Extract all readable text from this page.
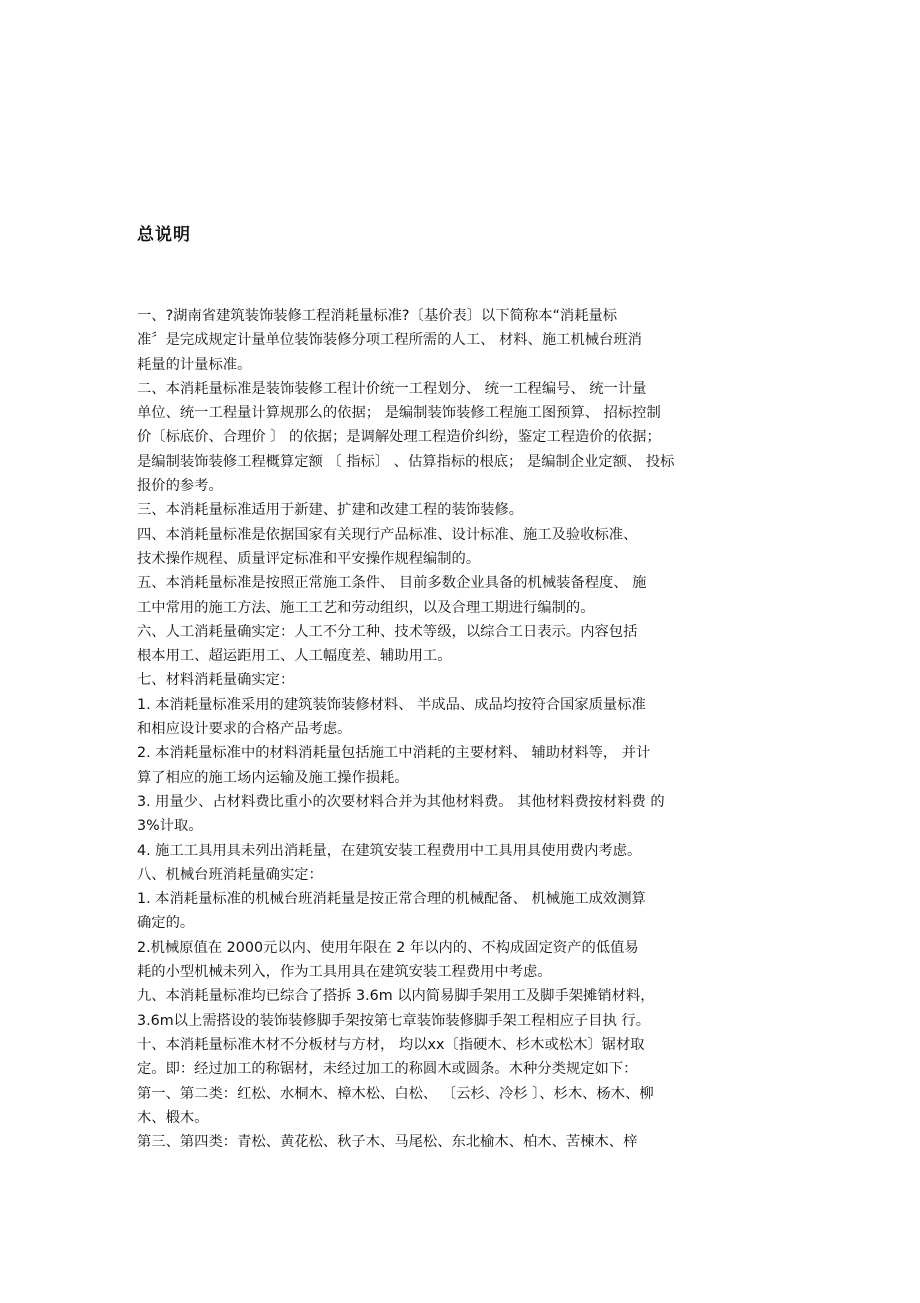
总说明
一、?湖南省建筑装饰装修工程消耗量标准?〔基价表〕以下简称本“消耗量标
准〞是完成规定计量单位装饰装修分项工程所需的人工、 材料、施工机械台班消
耗量的计量标准。
二、本消耗量标准是装饰装修工程计价统一工程划分、 统一工程编号、 统一计量
单位、统一工程量计算规那么的依据； 是编制装饰装修工程施工图预算、 招标控制
价〔标底价、合理价 〕 的依据；是调解处理工程造价纠纷，鉴定工程造价的依据；
是编制装饰装修工程概算定额 〔 指标〕 、估算指标的根底； 是编制企业定额、 投标
报价的参考。
三、本消耗量标准适用于新建、扩建和改建工程的装饰装修。
四、本消耗量标准是依据国家有关现行产品标准、设计标准、施工及验收标准、
技术操作规程、质量评定标准和平安操作规程编制的。
五、本消耗量标准是按照正常施工条件、 目前多数企业具备的机械装备程度、 施
工中常用的施工方法、施工工艺和劳动组织，以及合理工期进行编制的。
六、人工消耗量确实定：人工不分工种、技术等级，以综合工日表示。内容包括
根本用工、超运距用工、人工幅度差、辅助用工。
七、材料消耗量确实定：
1. 本消耗量标准采用的建筑装饰装修材料、 半成品、成品均按符合国家质量标准
和相应设计要求的合格产品考虑。
2. 本消耗量标准中的材料消耗量包括施工中消耗的主要材料、 辅助材料等， 并计
算了相应的施工场内运输及施工操作损耗。
3. 用量少、占材料费比重小的次要材料合并为其他材料费。 其他材料费按材料费 的
3%计取。
4. 施工工具用具未列出消耗量，在建筑安装工程费用中工具用具使用费内考虑。
八、机械台班消耗量确实定：
1. 本消耗量标准的机械台班消耗量是按正常合理的机械配备、 机械施工成效测算
确定的。
2.机械原值在 2000元以内、使用年限在 2 年以内的、不构成固定资产的低值易
耗的小型机械未列入，作为工具用具在建筑安装工程费用中考虑。
九、本消耗量标准均已综合了搭拆 3.6m 以内简易脚手架用工及脚手架摊销材料，
3.6m以上需搭设的装饰装修脚手架按第七章装饰装修脚手架工程相应子目执 行。
十、本消耗量标准木材不分板材与方材， 均以xx〔指硬木、杉木或松木〕锯材取
定。即：经过加工的称锯材，未经过加工的称圆木或圆条。木种分类规定如下：
第一、第二类：红松、水桐木、樟木松、白松、 〔云杉、冷杉 〕、杉木、杨木、柳
木、椴木。
第三、第四类：青松、黄花松、秋子木、马尾松、东北榆木、柏木、苦楝木、梓
